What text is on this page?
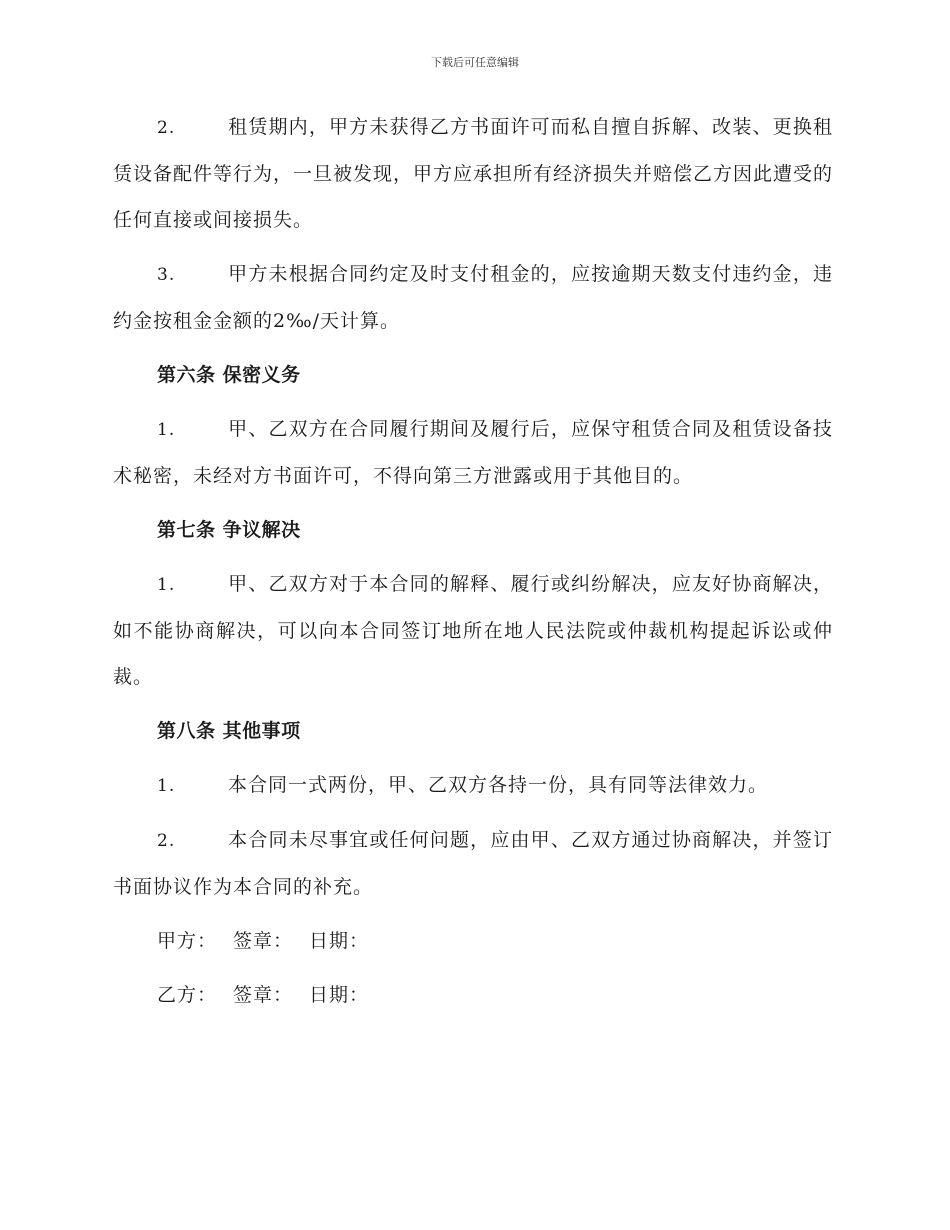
下载后可任意编辑

2.	租赁期内，甲方未获得乙方书面许可而私自擅自拆解、改装、更换租赁设备配件等行为，一旦被发现，甲方应承担所有经济损失并赔偿乙方因此遭受的任何直接或间接损失。

3.	甲方未根据合同约定及时支付租金的，应按逾期天数支付违约金，违约金按租金金额的2‰/天计算。

第六条 保密义务

1.	甲、乙双方在合同履行期间及履行后，应保守租赁合同及租赁设备技术秘密，未经对方书面许可，不得向第三方泄露或用于其他目的。

第七条 争议解决

1.	甲、乙双方对于本合同的解释、履行或纠纷解决，应友好协商解决，如不能协商解决，可以向本合同签订地所在地人民法院或仲裁机构提起诉讼或仲裁。

第八条 其他事项

1.	本合同一式两份，甲、乙双方各持一份，具有同等法律效力。

2.	本合同未尽事宜或任何问题，应由甲、乙双方通过协商解决，并签订书面协议作为本合同的补充。

甲方： 签章： 日期：

乙方： 签章： 日期：
